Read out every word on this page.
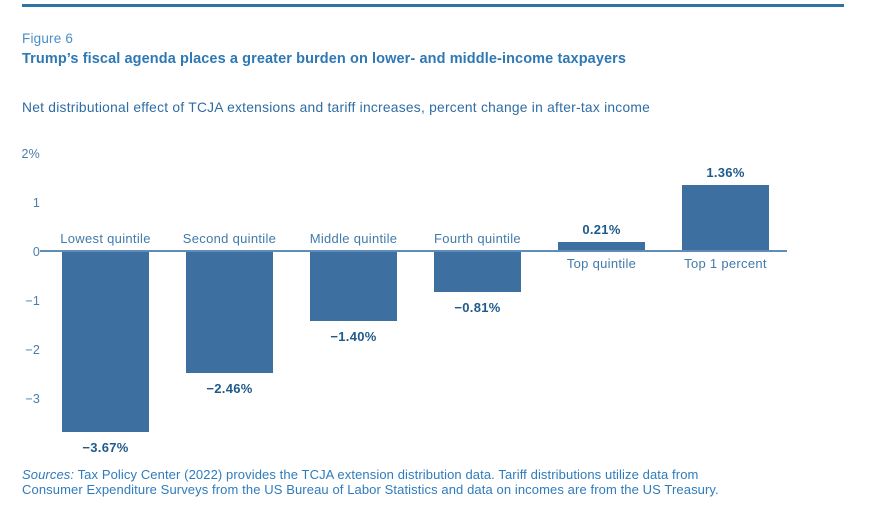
Figure 6
Trump’s fiscal agenda places a greater burden on lower- and middle-income taxpayers
Net distributional effect of TCJA extensions and tariff increases, percent change in after-tax income
2%
1
0
−1
−2
−3
Lowest quintile
−3.67%
Second quintile
−2.46%
Middle quintile
−1.40%
Fourth quintile
−0.81%
Top quintile
0.21%
Top 1 percent
1.36%

Sources: Tax Policy Center (2022) provides the TCJA extension distribution data. Tariff distributions utilize data from
Consumer Expenditure Surveys from the US Bureau of Labor Statistics and data on incomes are from the US Treasury.
